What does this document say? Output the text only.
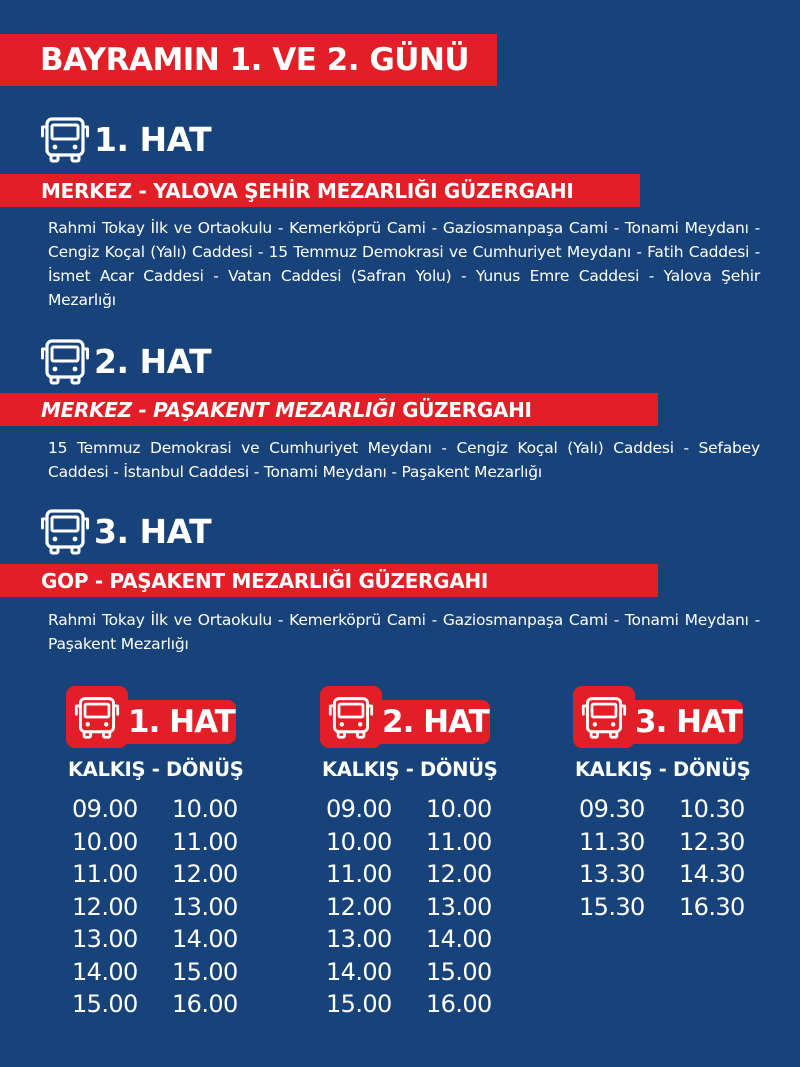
BAYRAMIN 1. VE 2. GÜNÜ
1. HAT
MERKEZ - YALOVA ŞEHİR MEZARLIĞI GÜZERGAHI
Rahmi Tokay İlk ve Ortaokulu - Kemerköprü Cami - Gaziosmanpaşa Cami - Tonami Meydanı - Cengiz Koçal (Yalı) Caddesi - 15 Temmuz Demokrasi ve Cumhuriyet Meydanı - Fatih Caddesi - İsmet Acar Caddesi - Vatan Caddesi (Safran Yolu) - Yunus Emre Caddesi - Yalova Şehir Mezarlığı
2. HAT
MERKEZ - PAŞAKENT MEZARLIĞI GÜZERGAHI
15 Temmuz Demokrasi ve Cumhuriyet Meydanı - Cengiz Koçal (Yalı) Caddesi - Sefabey Caddesi - İstanbul Caddesi - Tonami Meydanı - Paşakent Mezarlığı
3. HAT
GOP - PAŞAKENT MEZARLIĞI GÜZERGAHI
Rahmi Tokay İlk ve Ortaokulu - Kemerköprü Cami - Gaziosmanpaşa Cami - Tonami Meydanı - Paşakent Mezarlığı
1. HAT
KALKIŞ - DÖNÜŞ
09.00	10.00
10.00	11.00
11.00	12.00
12.00	13.00
13.00	14.00
14.00	15.00
15.00	16.00
2. HAT
KALKIŞ - DÖNÜŞ
09.00	10.00
10.00	11.00
11.00	12.00
12.00	13.00
13.00	14.00
14.00	15.00
15.00	16.00
3. HAT
KALKIŞ - DÖNÜŞ
09.30	10.30
11.30	12.30
13.30	14.30
15.30	16.30
